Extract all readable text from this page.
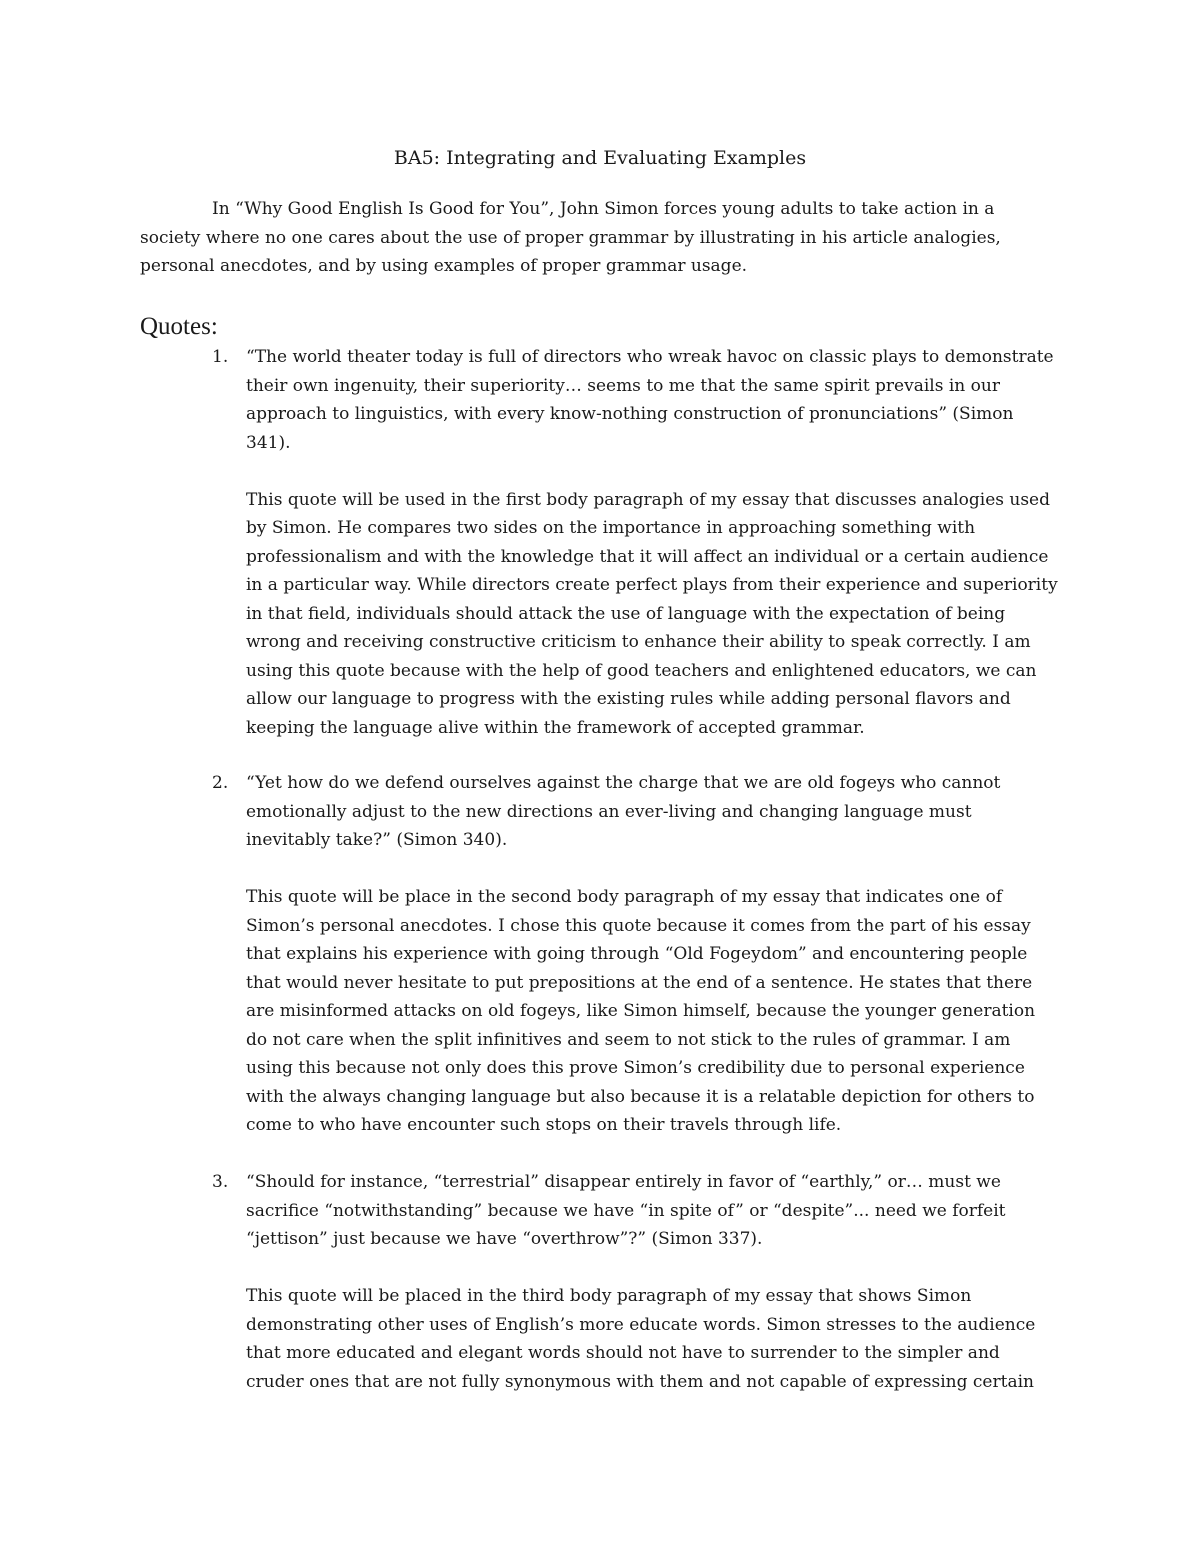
BA5: Integrating and Evaluating Examples

In “Why Good English Is Good for You”, John Simon forces young adults to take action in a society where no one cares about the use of proper grammar by illustrating in his article analogies, personal anecdotes, and by using examples of proper grammar usage.

Quotes:
1. “The world theater today is full of directors who wreak havoc on classic plays to demonstrate their own ingenuity, their superiority… seems to me that the same spirit prevails in our approach to linguistics, with every know-nothing construction of pronunciations” (Simon 341).

This quote will be used in the first body paragraph of my essay that discusses analogies used by Simon. He compares two sides on the importance in approaching something with professionalism and with the knowledge that it will affect an individual or a certain audience in a particular way. While directors create perfect plays from their experience and superiority in that field, individuals should attack the use of language with the expectation of being wrong and receiving constructive criticism to enhance their ability to speak correctly. I am using this quote because with the help of good teachers and enlightened educators, we can allow our language to progress with the existing rules while adding personal flavors and keeping the language alive within the framework of accepted grammar.

2. “Yet how do we defend ourselves against the charge that we are old fogeys who cannot emotionally adjust to the new directions an ever-living and changing language must inevitably take?” (Simon 340).

This quote will be place in the second body paragraph of my essay that indicates one of Simon’s personal anecdotes. I chose this quote because it comes from the part of his essay that explains his experience with going through “Old Fogeydom” and encountering people that would never hesitate to put prepositions at the end of a sentence. He states that there are misinformed attacks on old fogeys, like Simon himself, because the younger generation do not care when the split infinitives and seem to not stick to the rules of grammar. I am using this because not only does this prove Simon’s credibility due to personal experience with the always changing language but also because it is a relatable depiction for others to come to who have encounter such stops on their travels through life.

3. “Should for instance, “terrestrial” disappear entirely in favor of “earthly,” or… must we sacrifice “notwithstanding” because we have “in spite of” or “despite”... need we forfeit “jettison” just because we have “overthrow”?” (Simon 337).

This quote will be placed in the third body paragraph of my essay that shows Simon demonstrating other uses of English’s more educate words. Simon stresses to the audience that more educated and elegant words should not have to surrender to the simpler and cruder ones that are not fully synonymous with them and not capable of expressing certain
